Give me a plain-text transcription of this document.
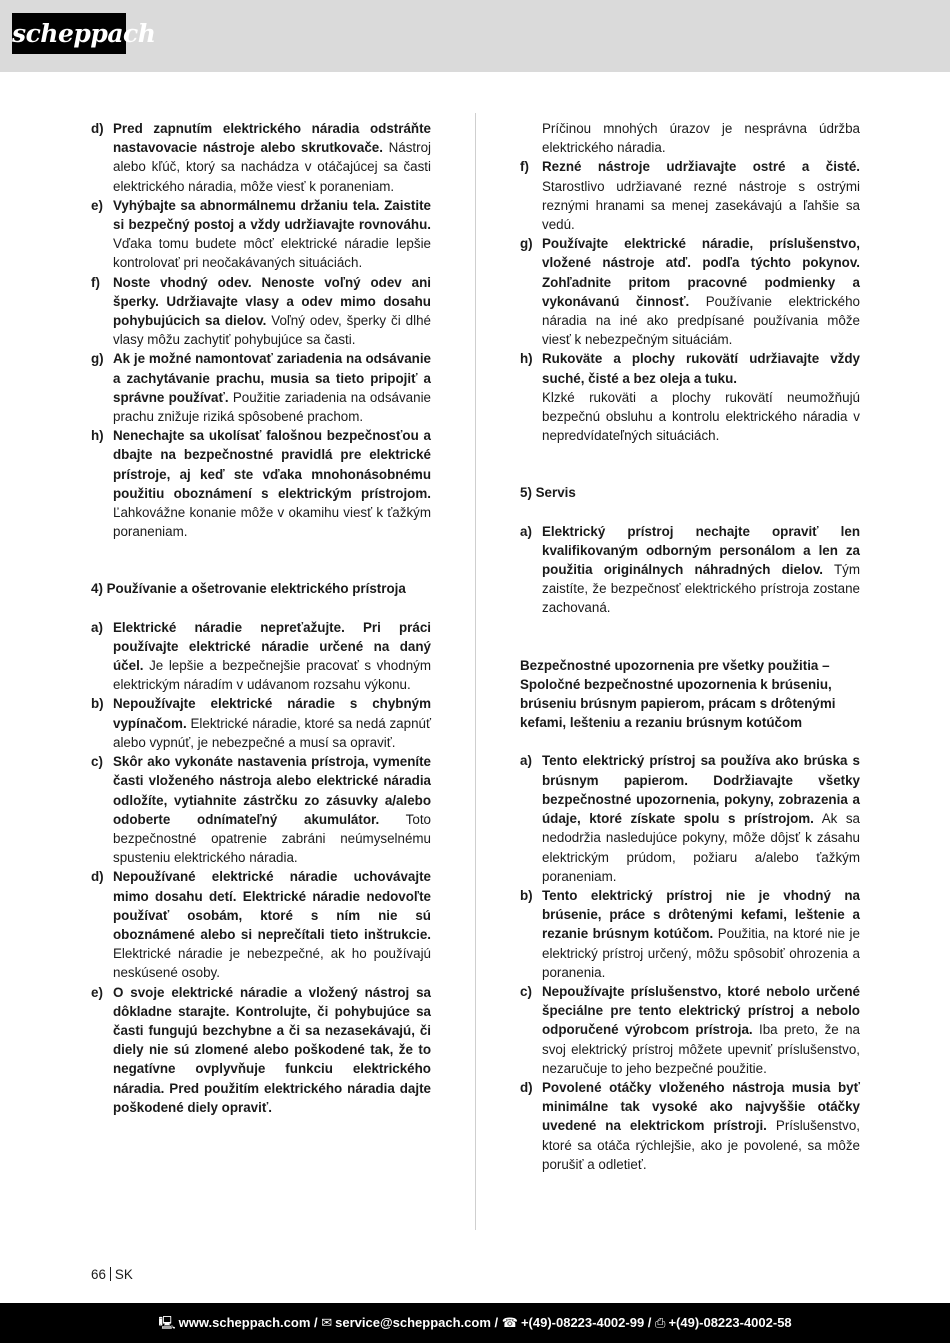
scheppach

d) Pred zapnutím elektrického náradia odstráňte nastavovacie nástroje alebo skrutkovače. Nástroj alebo kľúč, ktorý sa nachádza v otáčajúcej sa časti elektrického náradia, môže viesť k poraneniam.

e) Vyhýbajte sa abnormálnemu držaniu tela. Zaistite si bezpečný postoj a vždy udržiavajte rovnováhu. Vďaka tomu budete môcť elektrické náradie lepšie kontrolovať pri neočakávaných situáciách.

f) Noste vhodný odev. Nenoste voľný odev ani šperky. Udržiavajte vlasy a odev mimo dosahu pohybujúcich sa dielov. Voľný odev, šperky či dlhé vlasy môžu zachytiť pohybujúce sa časti.

g) Ak je možné namontovať zariadenia na odsávanie a zachytávanie prachu, musia sa tieto pripojiť a správne používať. Použitie zariadenia na odsávanie prachu znižuje riziká spôsobené prachom.

h) Nenechajte sa ukolísať falošnou bezpečnosťou a dbajte na bezpečnostné pravidlá pre elektrické prístroje, aj keď ste vďaka mnohonásobnému použitiu oboznámení s elektrickým prístrojom. Ľahkovážne konanie môže v okamihu viesť k ťažkým poraneniam.

4) Používanie a ošetrovanie elektrického prístroja

a) Elektrické náradie nepreťažujte. Pri práci používajte elektrické náradie určené na daný účel. Je lepšie a bezpečnejšie pracovať s vhodným elektrickým náradím v udávanom rozsahu výkonu.

b) Nepoužívajte elektrické náradie s chybným vypínačom. Elektrické náradie, ktoré sa nedá zapnúť alebo vypnúť, je nebezpečné a musí sa opraviť.

c) Skôr ako vykonáte nastavenia prístroja, vymeníte časti vloženého nástroja alebo elektrické náradia odložíte, vytiahnite zástrčku zo zásuvky a/alebo odoberte odnímateľný akumulátor. Toto bezpečnostné opatrenie zabráni neúmyselnému spusteniu elektrického náradia.

d) Nepoužívané elektrické náradie uchovávajte mimo dosahu detí. Elektrické náradie nedovoľte používať osobám, ktoré s ním nie sú oboznámené alebo si neprečítali tieto inštrukcie. Elektrické náradie je nebezpečné, ak ho používajú neskúsené osoby.

e) O svoje elektrické náradie a vložený nástroj sa dôkladne starajte. Kontrolujte, či pohybujúce sa časti fungujú bezchybne a či sa nezasekávajú, či diely nie sú zlomené alebo poškodené tak, že to negatívne ovplyvňuje funkciu elektrického náradia. Pred použitím elektrického náradia dajte poškodené diely opraviť.

Príčinou mnohých úrazov je nesprávna údržba elektrického náradia.

f) Rezné nástroje udržiavajte ostré a čisté. Starostlivo udržiavané rezné nástroje s ostrými reznými hranami sa menej zasekávajú a ľahšie sa vedú.

g) Používajte elektrické náradie, príslušenstvo, vložené nástroje atď. podľa týchto pokynov. Zohľadnite pritom pracovné podmienky a vykonávanú činnosť. Používanie elektrického náradia na iné ako predpísané používania môže viesť k nebezpečným situáciám.

h) Rukoväte a plochy rukovätí udržiavajte vždy suché, čisté a bez oleja a tuku.

Klzké rukoväti a plochy rukovätí neumožňujú bezpečnú obsluhu a kontrolu elektrického náradia v nepredvídateľných situáciách.

5) Servis

a) Elektrický prístroj nechajte opraviť len kvalifikovaným odborným personálom a len za použitia originálnych náhradných dielov. Tým zaistíte, že bezpečnosť elektrického prístroja zostane zachovaná.

Bezpečnostné upozornenia pre všetky použitia – Spoločné bezpečnostné upozornenia k brúseniu, brúseniu brúsnym papierom, prácam s drôtenými kefami, lešteniu a rezaniu brúsnym kotúčom

a) Tento elektrický prístroj sa používa ako brúska s brúsnym papierom. Dodržiavajte všetky bezpečnostné upozornenia, pokyny, zobrazenia a údaje, ktoré získate spolu s prístrojom. Ak sa nedodržia nasledujúce pokyny, môže dôjsť k zásahu elektrickým prúdom, požiaru a/alebo ťažkým poraneniam.

b) Tento elektrický prístroj nie je vhodný na brúsenie, práce s drôtenými kefami, leštenie a rezanie brúsnym kotúčom. Použitia, na ktoré nie je elektrický prístroj určený, môžu spôsobiť ohrozenia a poranenia.

c) Nepoužívajte príslušenstvo, ktoré nebolo určené špeciálne pre tento elektrický prístroj a nebolo odporučené výrobcom prístroja. Iba preto, že na svoj elektrický prístroj môžete upevniť príslušenstvo, nezaručuje to jeho bezpečné použitie.

d) Povolené otáčky vloženého nástroja musia byť minimálne tak vysoké ako najvyššie otáčky uvedené na elektrickom prístroji. Príslušenstvo, ktoré sa otáča rýchlejšie, ako je povolené, sa môže porušiť a odletieť.

66 SK
🖳 www.scheppach.com / ✉ service@scheppach.com / ☎ +(49)-08223-4002-99 / ⎙ +(49)-08223-4002-58
